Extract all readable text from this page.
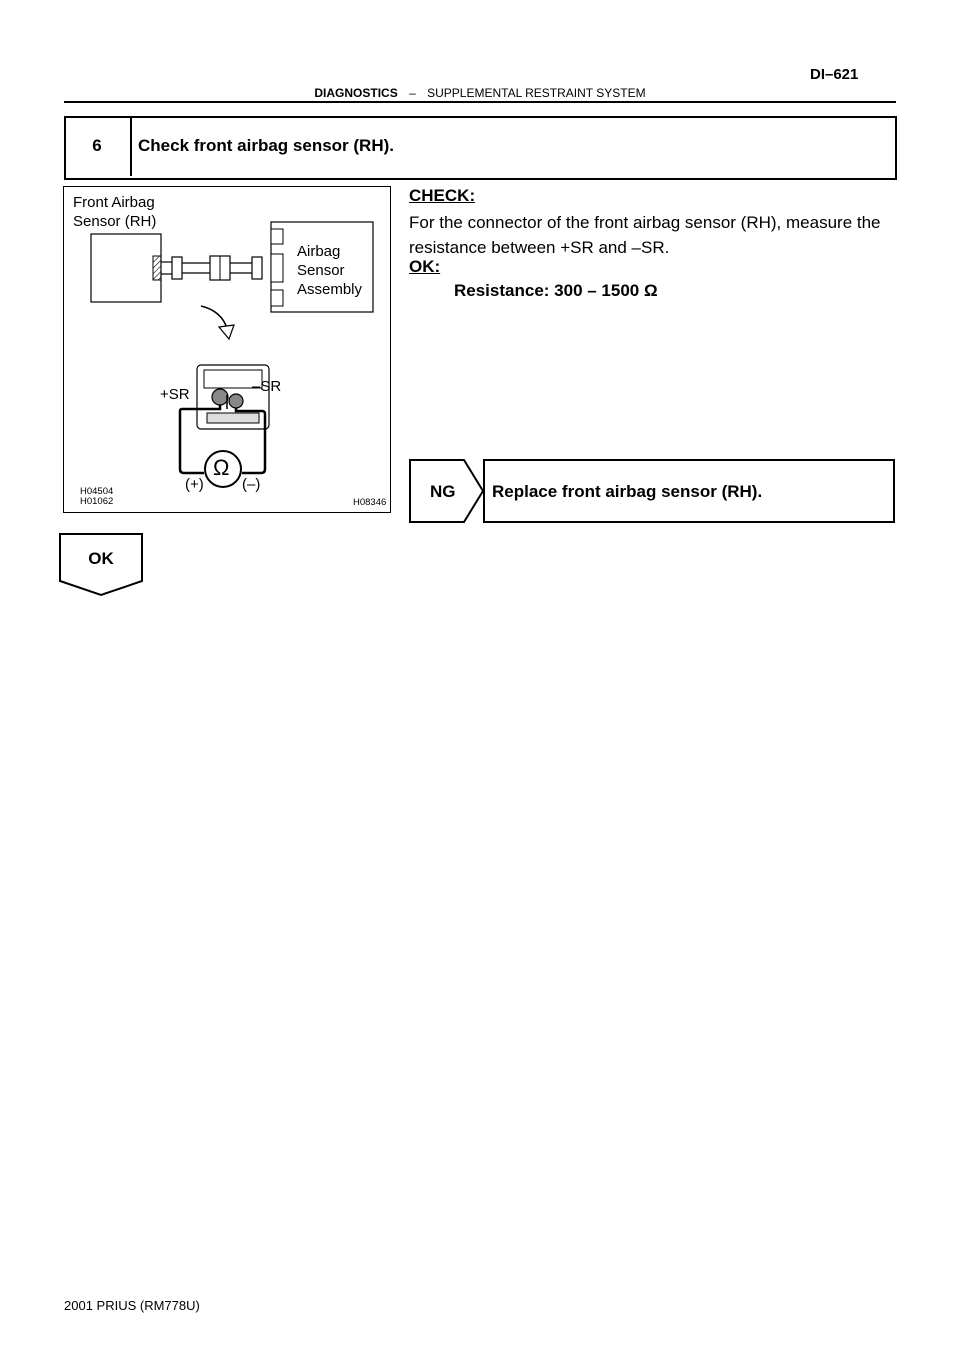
DI–621
DIAGNOSTICS – SUPPLEMENTAL RESTRAINT SYSTEM
6	Check front airbag sensor (RH).
Front Airbag
Sensor (RH)
Airbag
Sensor
Assembly
+SR	–SR
Ω
(+)	(–)
H04504
H01062	H08346
CHECK:
For the connector of the front airbag sensor (RH), measure the resistance between +SR and –SR.
OK:
Resistance: 300 – 1500 Ω
NG Replace front airbag sensor (RH).
OK
2001 PRIUS (RM778U)
